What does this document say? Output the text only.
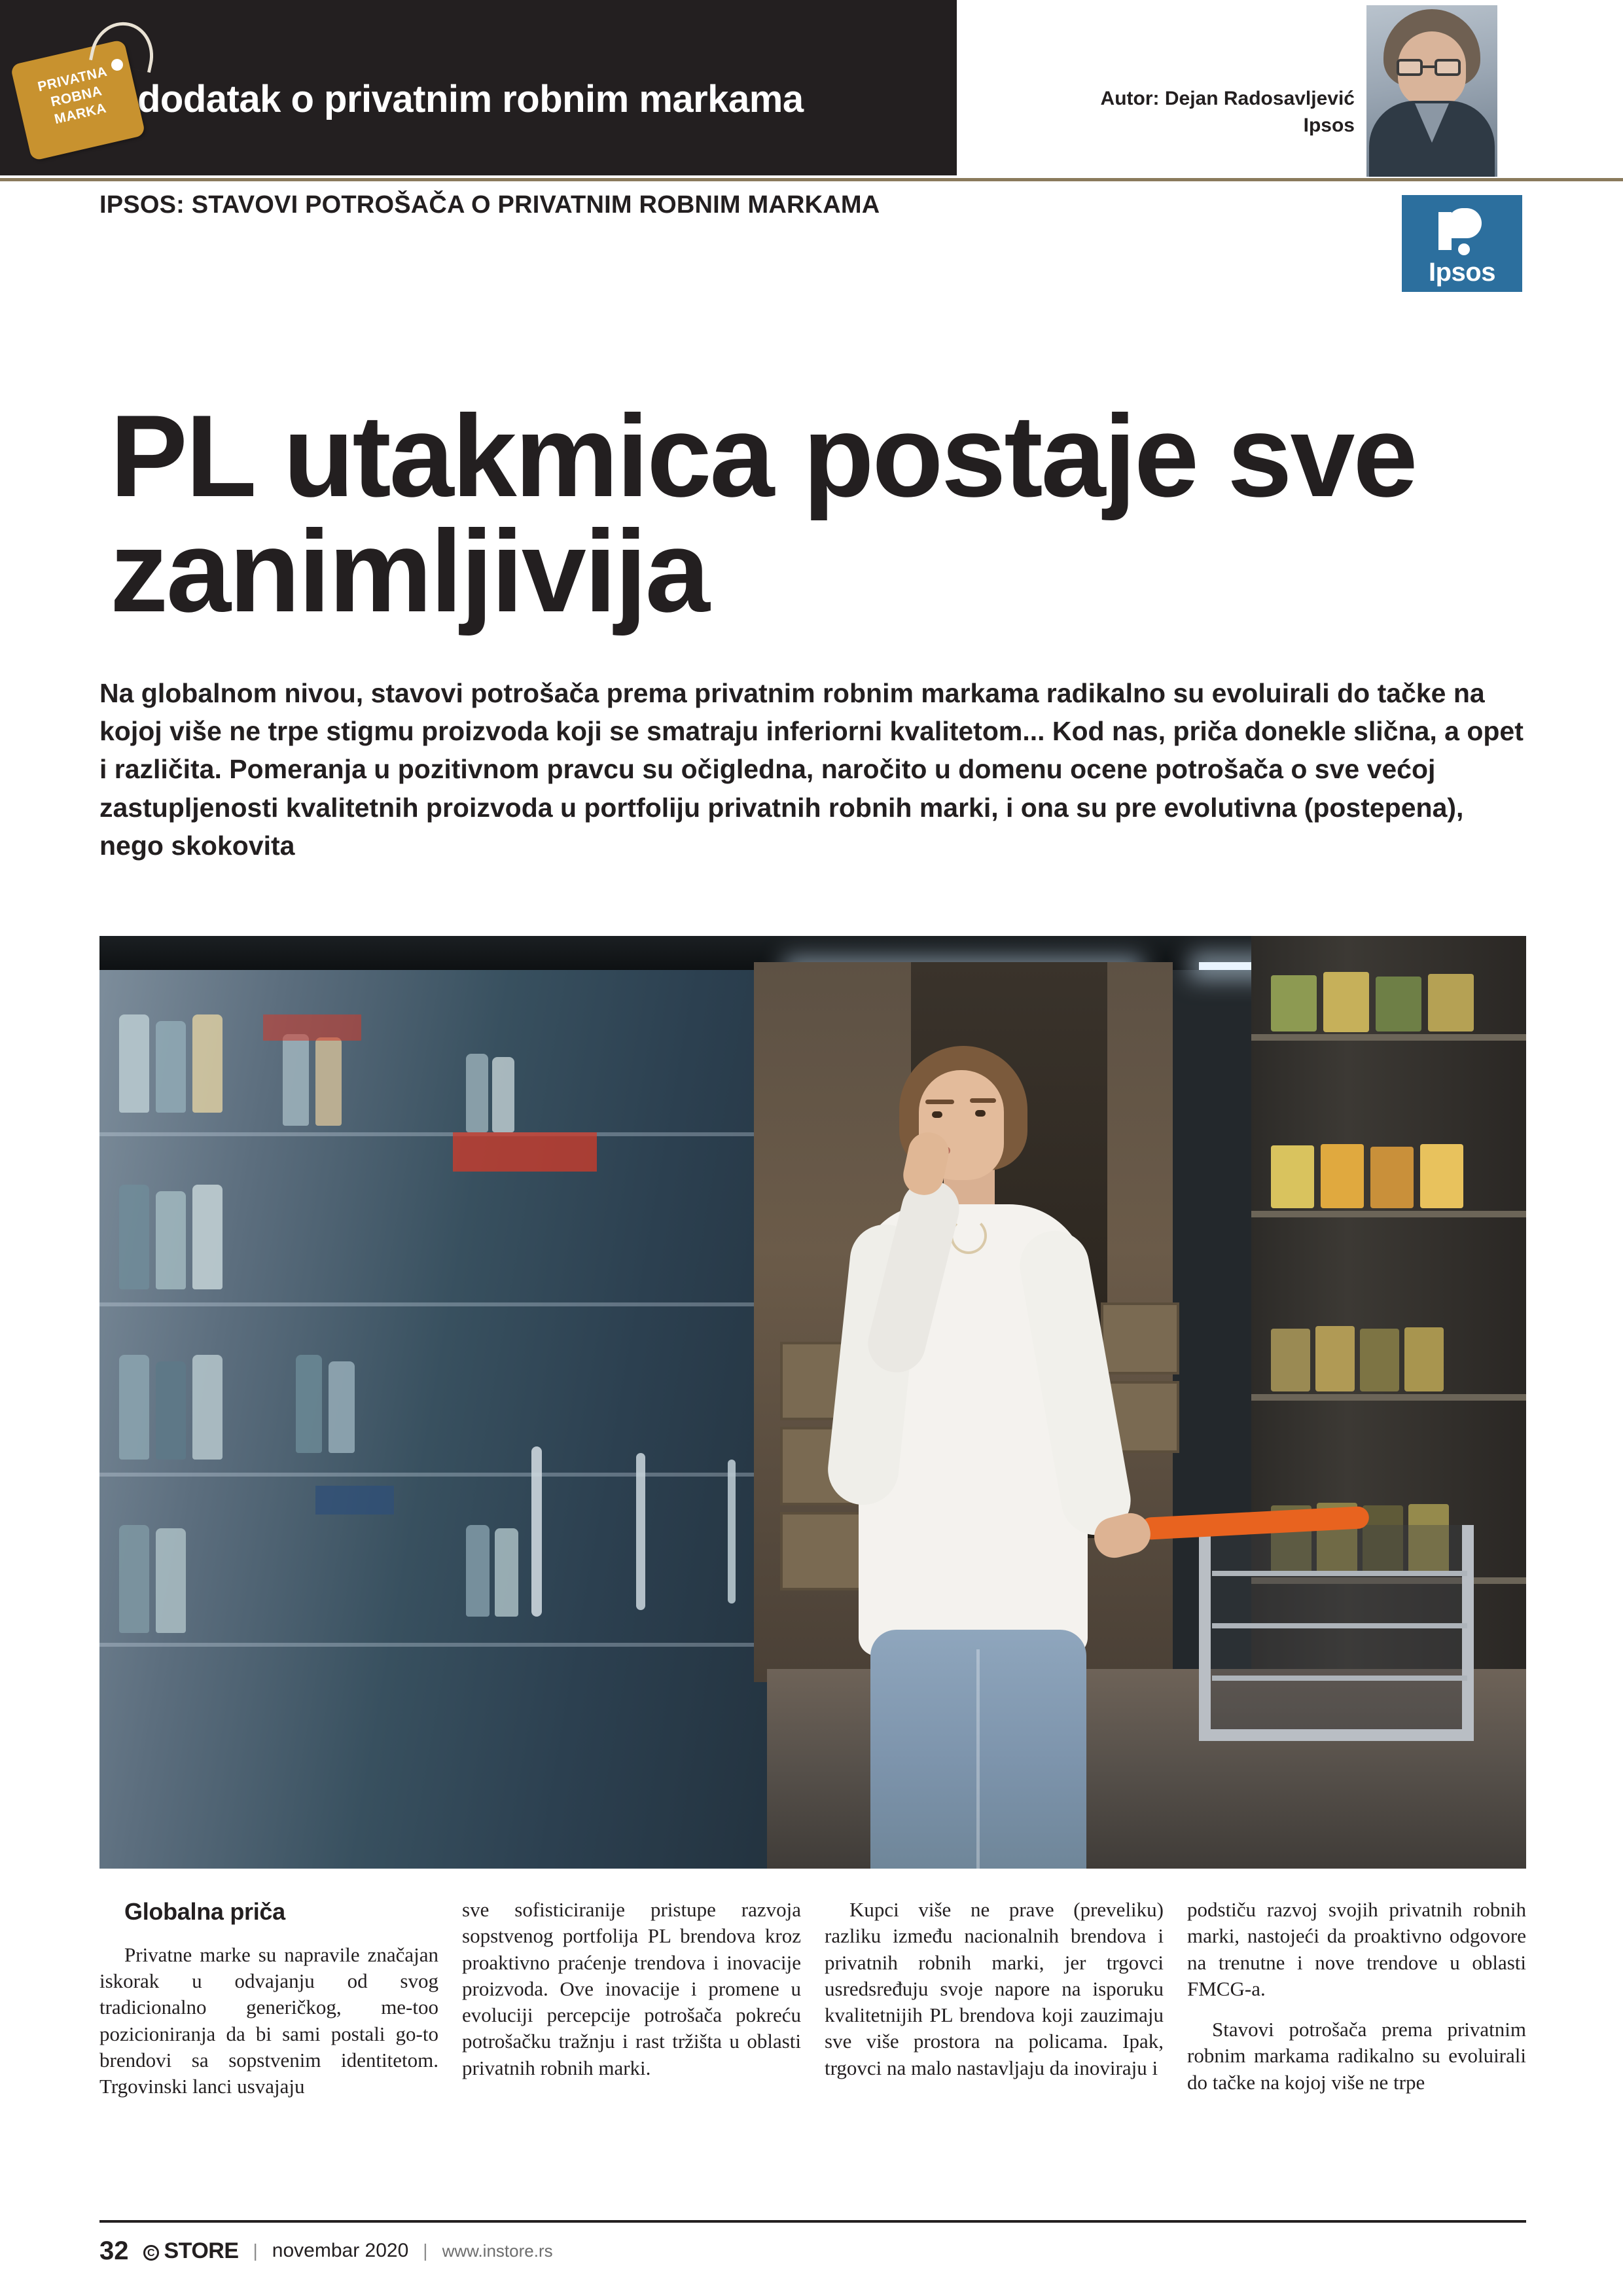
dodatak o privatnim robnim markama
PRIVATNA ROBNA MARKA
Autor: Dejan Radosavljević
Ipsos
IPSOS: STAVOVI POTROŠAČA O PRIVATNIM ROBNIM MARKAMA
Ipsos
PL utakmica postaje sve zanimljivija
Na globalnom nivou, stavovi potrošača prema privatnim robnim markama radikalno su evoluirali do tačke na kojoj više ne trpe stigmu proizvoda koji se smatraju inferiorni kvalitetom... Kod nas, priča donekle slična, a opet i različita. Pomeranja u pozitivnom pravcu su očigledna, naročito u domenu ocene potrošača o sve većoj zastupljenosti kvalitetnih proizvoda u portfoliju privatnih robnih marki, i ona su pre evolutivna (postepena), nego skokovita

Globalna priča

Privatne marke su napravile značajan iskorak u odvajanju od svog tradicionalno generičkog, me-too pozicioniranja da bi sami postali go-to brendovi sa sopstvenim identitetom. Trgovinski lanci usvajaju

sve sofisticiranije pristupe razvoja sopstvenog portfolija PL brendova kroz proaktivno praćenje trendova i inovacije proizvoda. Ove inovacije i promene u evoluciji percepcije potrošača pokreću potrošačku tražnju i rast tržišta u oblasti privatnih robnih marki.

Kupci više ne prave (preveliku) razliku između nacionalnih brendova i privatnih robnih marki, jer trgovci usredsređuju svoje napore na isporuku kvalitetnijih PL brendova koji zauzimaju sve više prostora na policama. Ipak, trgovci na malo nastavljaju da inoviraju i

podstiču razvoj svojih privatnih robnih marki, nastojeći da proaktivno odgovore na trenutne i nove trendove u oblasti FMCG-a.

Stavovi potrošača prema privatnim robnim markama radikalno su evoluirali do tačke na kojoj više ne trpe

32	C STORE | novembar 2020 | www.instore.rs
